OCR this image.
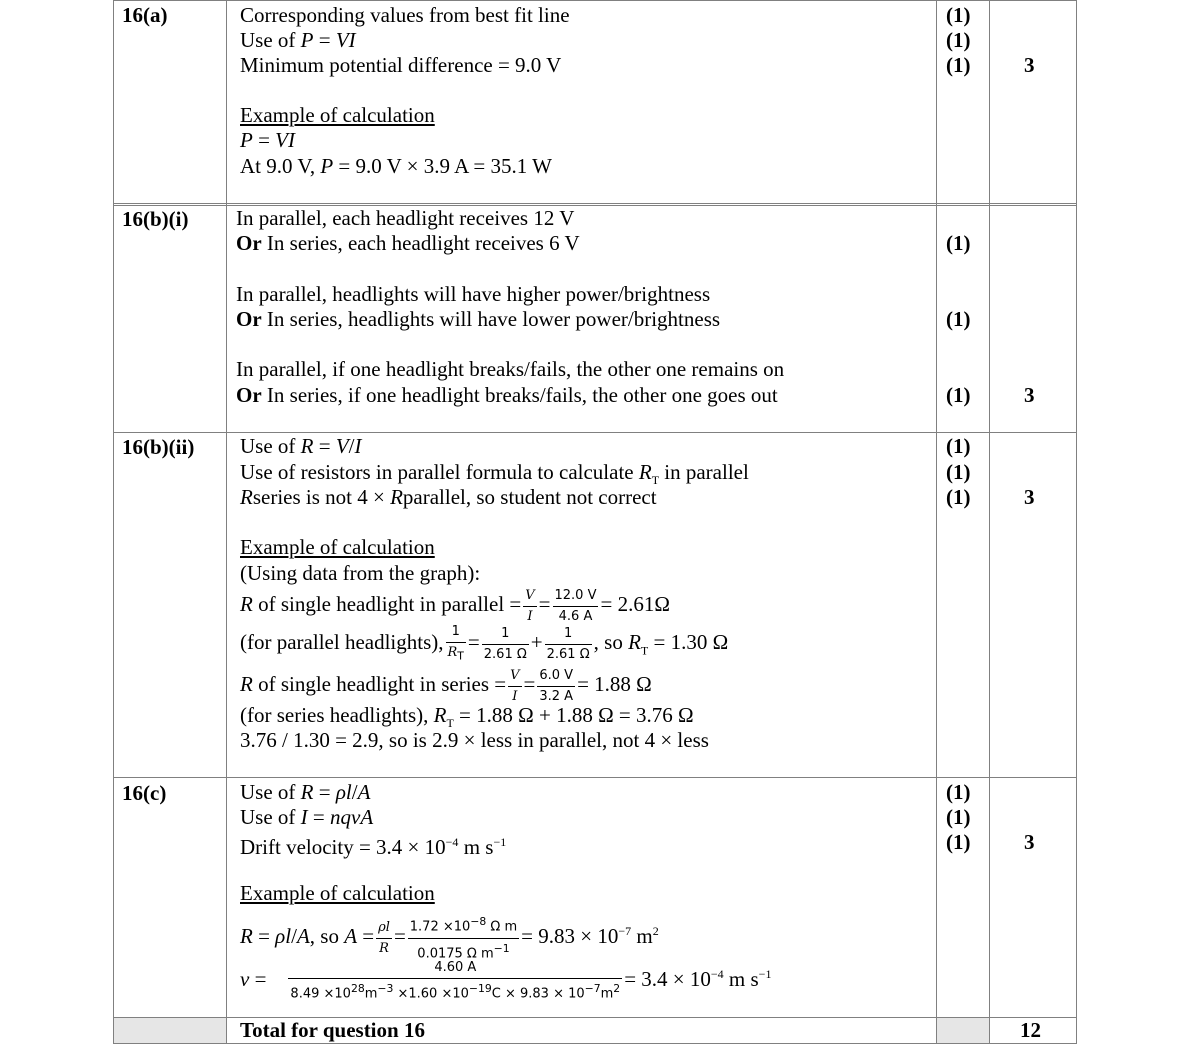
16(a)	Corresponding values from best fit line
Use of P = VI
Minimum potential difference = 9.0 V
Example of calculation
P = VI
At 9.0 V, P = 9.0 V × 3.9 A = 35.1 W
(1)
(1)
(1)	3
16(b)(i) In parallel, each headlight receives 12 V
Or In series, each headlight receives 6 V
In parallel, headlights will have higher power/brightness
Or In series, headlights will have lower power/brightness
In parallel, if one headlight breaks/fails, the other one remains on
Or In series, if one headlight breaks/fails, the other one goes out
(1)
(1)
(1)	3
16(b)(ii) Use of R = V/I
Use of resistors in parallel formula to calculate $R_T$ in parallel
Rseries is not 4 × Rparallel, so student not correct
Example of calculation
(Using data from the graph):
R of single headlight in parallel = $\frac{V}{I} = \frac{12.0 V}{4.6 A} = 2.61\Omega$
(for parallel headlights), $\frac{1}{R_T} = \frac{1}{2.61 \Omega} + \frac{1}{2.61 \Omega}$ , so $R_T = 1.30$ Ω
R of single headlight in series = $\frac{V}{I} = \frac{6.0 V}{3.2 A} = 1.88$ Ω
(for series headlights), $R_T = 1.88$ Ω + 1.88 Ω = 3.76 Ω
3.76 / 1.30 = 2.9, so is 2.9 × less in parallel, not 4 × less
(1)
(1)
(1)	3
16(c)	Use of R = ρl/A
Use of I = nqvA
Drift velocity = $3.4 \times 10^{-4}$ m $s^{-1}$
Example of calculation
R = ρl/A, so $A = \frac{\rho l}{R} = \frac{1.72 \times 10^{-8} \Omega m}{0.0175 \Omega m^{-1}} = 9.83 \times 10^{-7}$ $m^2$
$v = \frac{4.60 A}{8.49 \times 10^{28}m^{-3} \times 1.60 \times 10^{-19}C \times 9.83 \times 10^{-7}m^2} = 3.4 \times 10^{-4}$ m $s^{-1}$
(1)
(1)
(1)	3
Total for question 16	12
